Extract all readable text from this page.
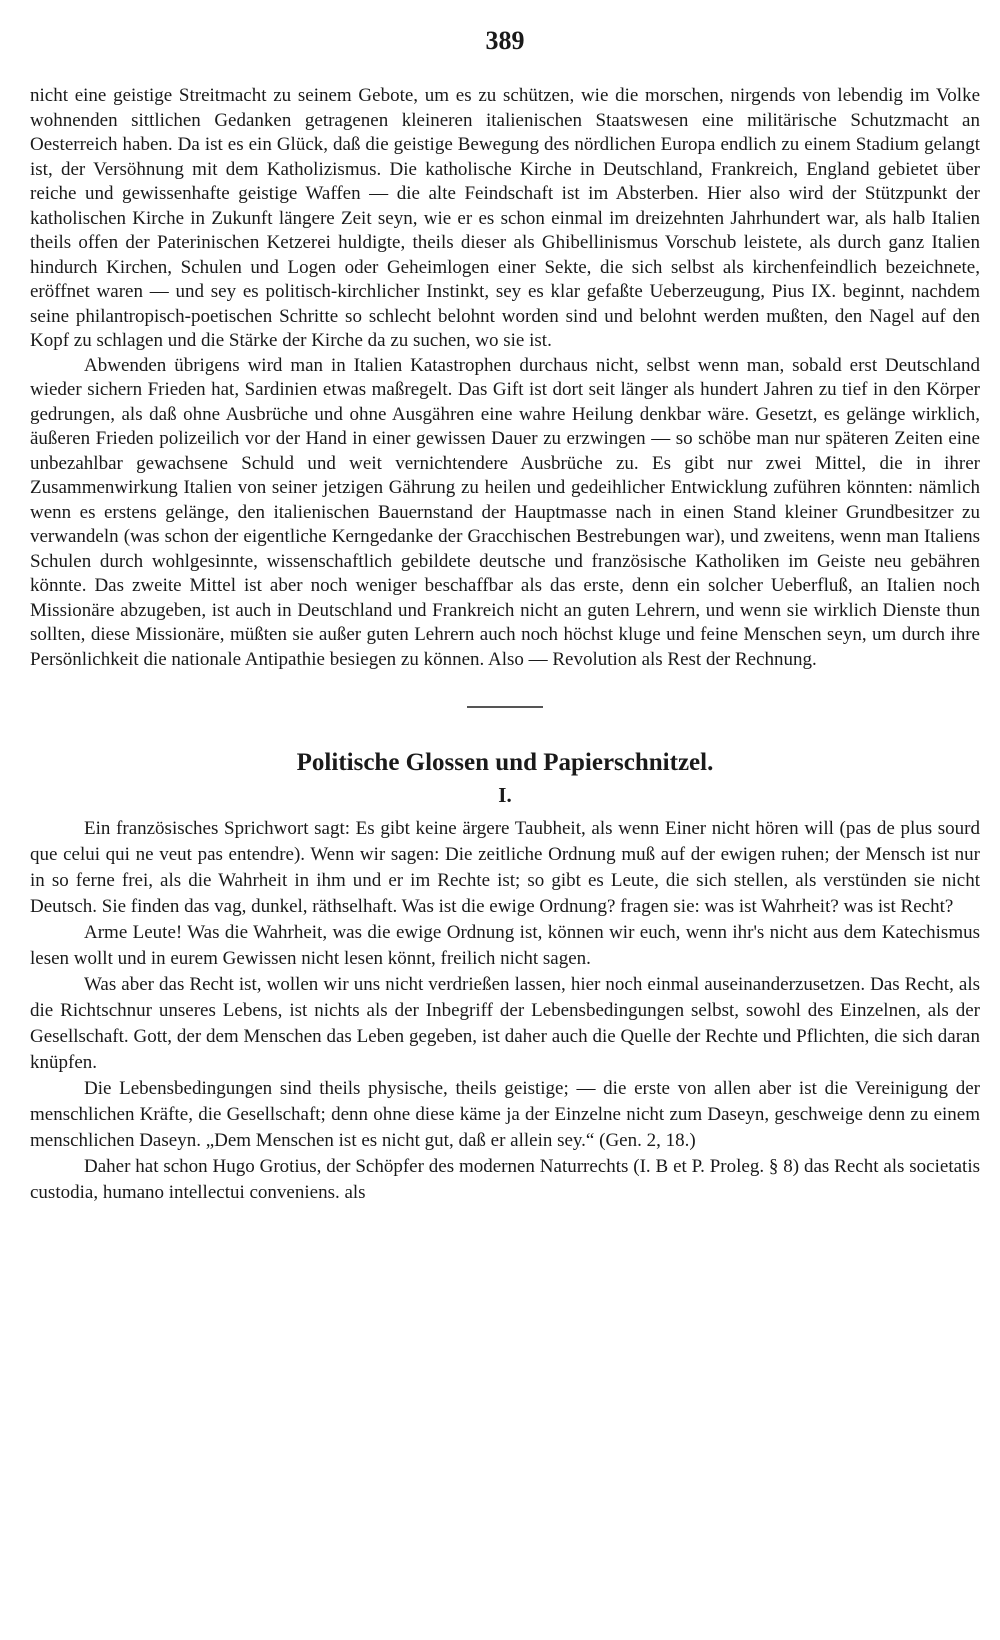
389

nicht eine geistige Streitmacht zu seinem Gebote, um es zu schützen, wie die morschen, nirgends von lebendig im Volke wohnenden sittlichen Gedanken getragenen kleineren italienischen Staatswesen eine militärische Schutzmacht an Oesterreich haben. Da ist es ein Glück, daß die geistige Bewegung des nördlichen Europa endlich zu einem Stadium gelangt ist, der Versöhnung mit dem Katholizismus. Die katholische Kirche in Deutschland, Frankreich, England gebietet über reiche und gewissenhafte geistige Waffen — die alte Feindschaft ist im Absterben. Hier also wird der Stützpunkt der katholischen Kirche in Zukunft längere Zeit seyn, wie er es schon einmal im dreizehnten Jahrhundert war, als halb Italien theils offen der Paterinischen Ketzerei huldigte, theils dieser als Ghibellinismus Vorschub leistete, als durch ganz Italien hindurch Kirchen, Schulen und Logen oder Geheimlogen einer Sekte, die sich selbst als kirchenfeindlich bezeichnete, eröffnet waren — und sey es politisch-kirchlicher Instinkt, sey es klar gefaßte Ueberzeugung, Pius IX. beginnt, nachdem seine philantropisch-poetischen Schritte so schlecht belohnt worden sind und belohnt werden mußten, den Nagel auf den Kopf zu schlagen und die Stärke der Kirche da zu suchen, wo sie ist.

Abwenden übrigens wird man in Italien Katastrophen durchaus nicht, selbst wenn man, sobald erst Deutschland wieder sichern Frieden hat, Sardinien etwas maßregelt. Das Gift ist dort seit länger als hundert Jahren zu tief in den Körper gedrungen, als daß ohne Ausbrüche und ohne Ausgähren eine wahre Heilung denkbar wäre. Gesetzt, es gelänge wirklich, äußeren Frieden polizeilich vor der Hand in einer gewissen Dauer zu erzwingen — so schöbe man nur späteren Zeiten eine unbezahlbar gewachsene Schuld und weit vernichtendere Ausbrüche zu. Es gibt nur zwei Mittel, die in ihrer Zusammenwirkung Italien von seiner jetzigen Gährung zu heilen und gedeihlicher Entwicklung zuführen könnten: nämlich wenn es erstens gelänge, den italienischen Bauernstand der Hauptmasse nach in einen Stand kleiner Grundbesitzer zu verwandeln (was schon der eigentliche Kerngedanke der Gracchischen Bestrebungen war), und zweitens, wenn man Italiens Schulen durch wohlgesinnte, wissenschaftlich gebildete deutsche und französische Katholiken im Geiste neu gebähren könnte. Das zweite Mittel ist aber noch weniger beschaffbar als das erste, denn ein solcher Ueberfluß, an Italien noch Missionäre abzugeben, ist auch in Deutschland und Frankreich nicht an guten Lehrern, und wenn sie wirklich Dienste thun sollten, diese Missionäre, müßten sie außer guten Lehrern auch noch höchst kluge und feine Menschen seyn, um durch ihre Persönlichkeit die nationale Antipathie besiegen zu können. Also — Revolution als Rest der Rechnung.

Politische Glossen und Papierschnitzel.
I.

Ein französisches Sprichwort sagt: Es gibt keine ärgere Taubheit, als wenn Einer nicht hören will (pas de plus sourd que celui qui ne veut pas entendre). Wenn wir sagen: Die zeitliche Ordnung muß auf der ewigen ruhen; der Mensch ist nur in so ferne frei, als die Wahrheit in ihm und er im Rechte ist; so gibt es Leute, die sich stellen, als verstünden sie nicht Deutsch. Sie finden das vag, dunkel, räthselhaft. Was ist die ewige Ordnung? fragen sie: was ist Wahrheit? was ist Recht?

Arme Leute! Was die Wahrheit, was die ewige Ordnung ist, können wir euch, wenn ihr's nicht aus dem Katechismus lesen wollt und in eurem Gewissen nicht lesen könnt, freilich nicht sagen.

Was aber das Recht ist, wollen wir uns nicht verdrießen lassen, hier noch einmal auseinanderzusetzen. Das Recht, als die Richtschnur unseres Lebens, ist nichts als der Inbegriff der Lebensbedingungen selbst, sowohl des Einzelnen, als der Gesellschaft. Gott, der dem Menschen das Leben gegeben, ist daher auch die Quelle der Rechte und Pflichten, die sich daran knüpfen.

Die Lebensbedingungen sind theils physische, theils geistige; — die erste von allen aber ist die Vereinigung der menschlichen Kräfte, die Gesellschaft; denn ohne diese käme ja der Einzelne nicht zum Daseyn, geschweige denn zu einem menschlichen Daseyn. „Dem Menschen ist es nicht gut, daß er allein sey.“ (Gen. 2, 18.)

Daher hat schon Hugo Grotius, der Schöpfer des modernen Naturrechts (I. B et P. Proleg. § 8) das Recht als societatis custodia, humano intellectui conveniens. als
